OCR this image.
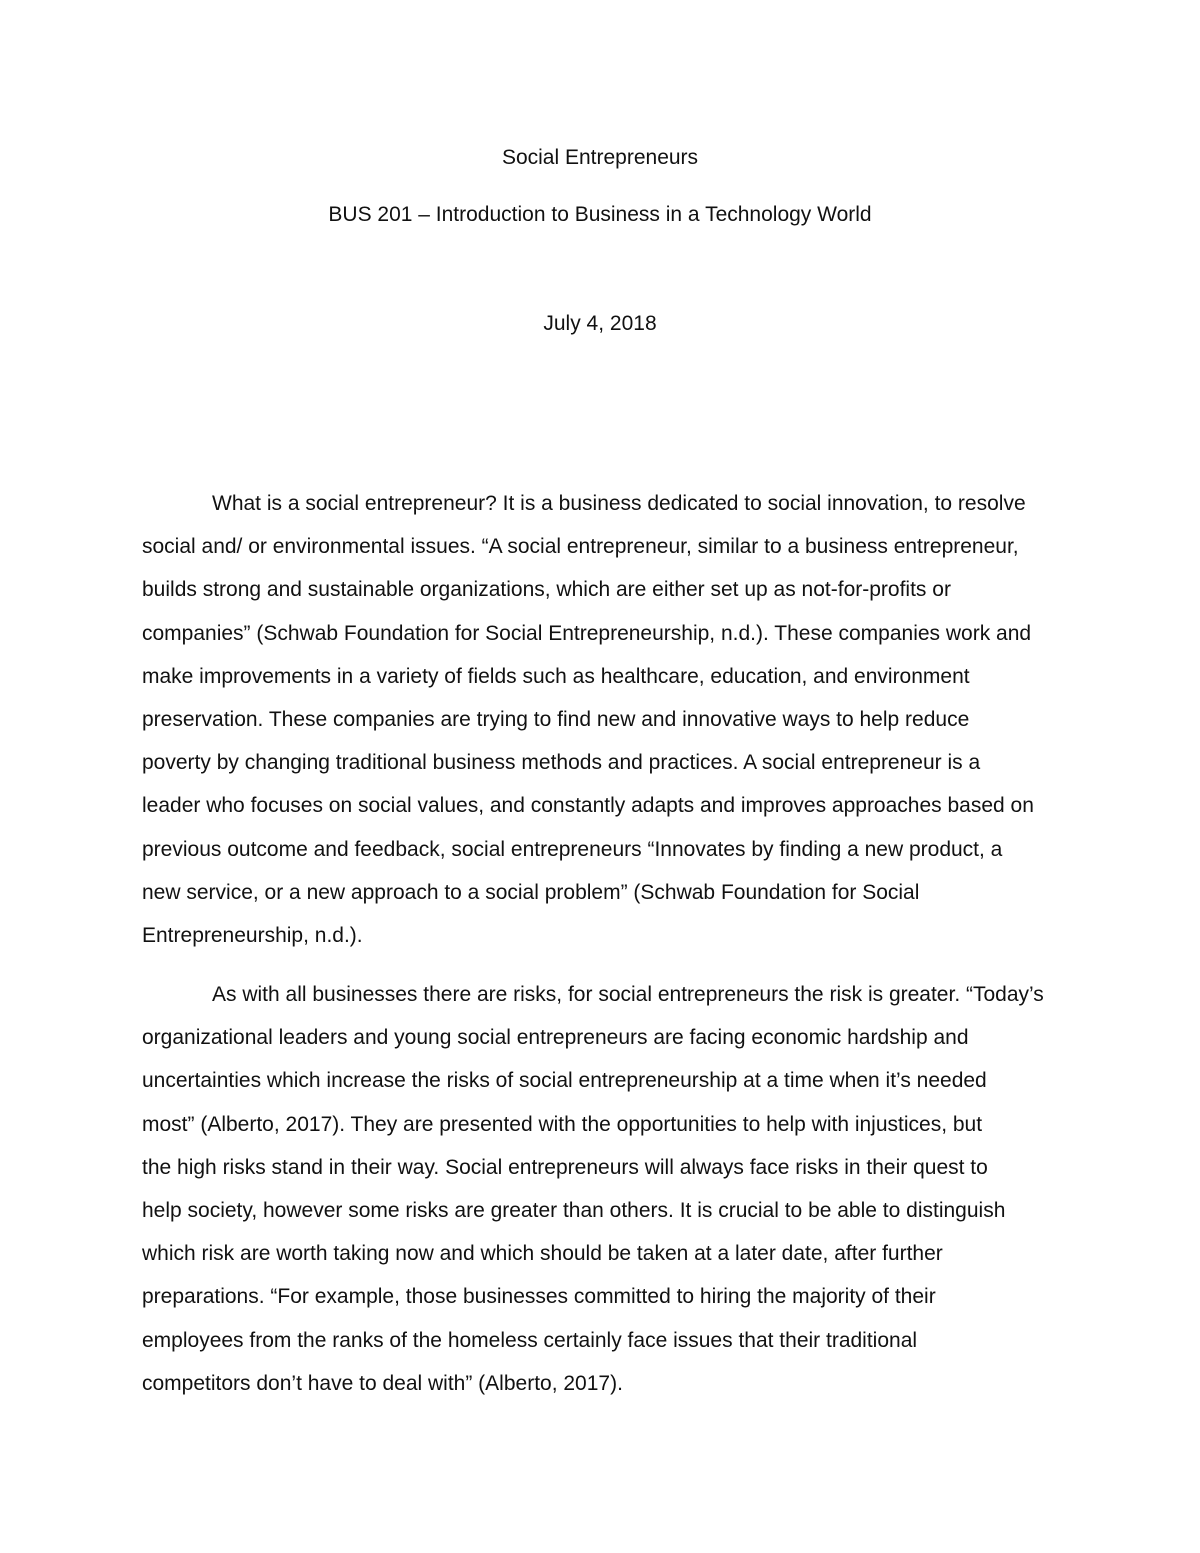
Social Entrepreneurs
BUS 201 – Introduction to Business in a Technology World
July 4, 2018
What is a social entrepreneur? It is a business dedicated to social innovation, to resolve
social and/ or environmental issues. “A social entrepreneur, similar to a business entrepreneur,
builds strong and sustainable organizations, which are either set up as not-for-profits or
companies” (Schwab Foundation for Social Entrepreneurship, n.d.). These companies work and
make improvements in a variety of fields such as healthcare, education, and environment
preservation. These companies are trying to find new and innovative ways to help reduce
poverty by changing traditional business methods and practices. A social entrepreneur is a
leader who focuses on social values, and constantly adapts and improves approaches based on
previous outcome and feedback, social entrepreneurs “Innovates by finding a new product, a
new service, or a new approach to a social problem” (Schwab Foundation for Social
Entrepreneurship, n.d.).
As with all businesses there are risks, for social entrepreneurs the risk is greater. “Today’s
organizational leaders and young social entrepreneurs are facing economic hardship and
uncertainties which increase the risks of social entrepreneurship at a time when it’s needed
most” (Alberto, 2017). They are presented with the opportunities to help with injustices, but
the high risks stand in their way. Social entrepreneurs will always face risks in their quest to
help society, however some risks are greater than others. It is crucial to be able to distinguish
which risk are worth taking now and which should be taken at a later date, after further
preparations. “For example, those businesses committed to hiring the majority of their
employees from the ranks of the homeless certainly face issues that their traditional
competitors don’t have to deal with” (Alberto, 2017).
